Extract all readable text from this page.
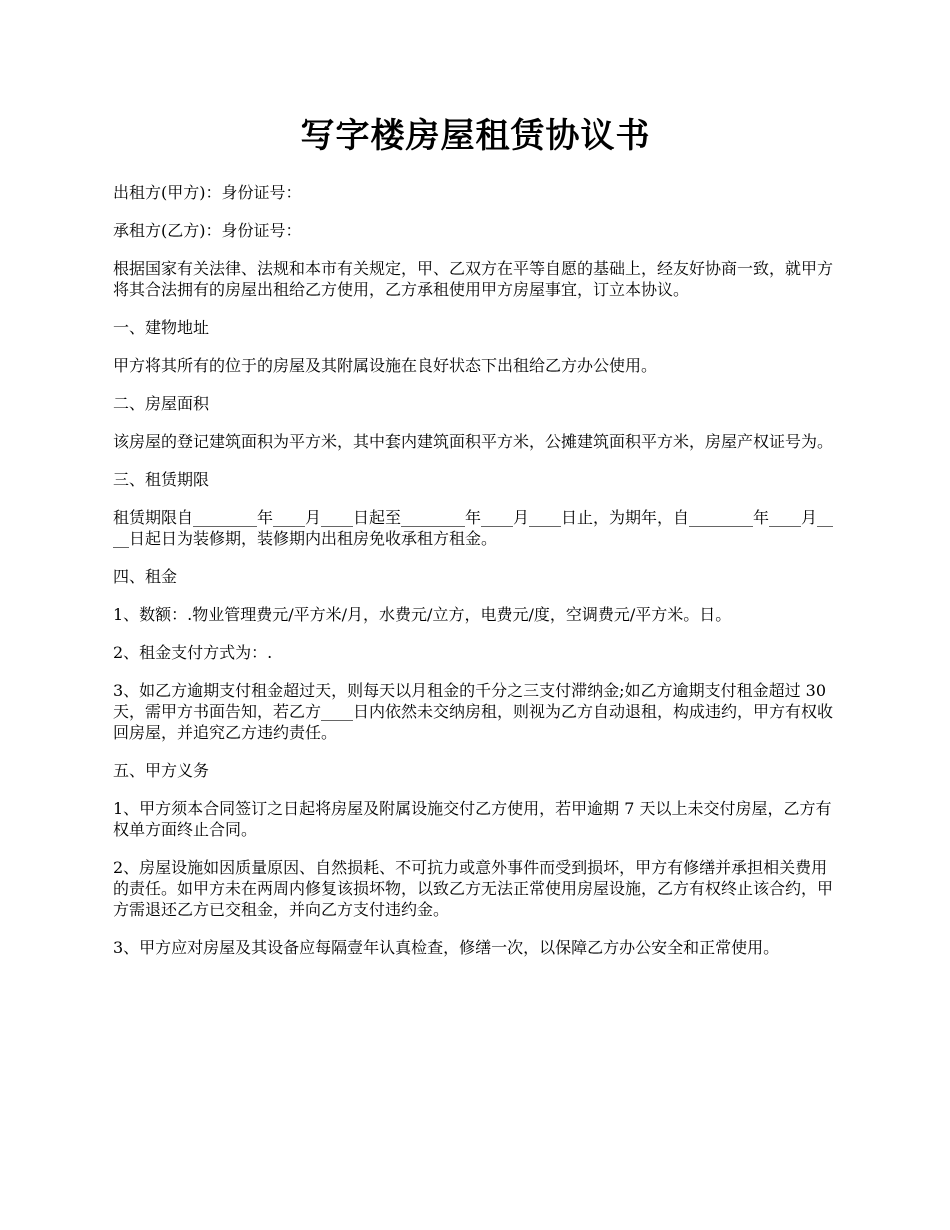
写字楼房屋租赁协议书

出租方(甲方)：身份证号：

承租方(乙方)：身份证号：

根据国家有关法律、法规和本市有关规定，甲、乙双方在平等自愿的基础上，经友好协商一致，就甲方将其合法拥有的房屋出租给乙方使用，乙方承租使用甲方房屋事宜，订立本协议。

一、建物地址

甲方将其所有的位于的房屋及其附属设施在良好状态下出租给乙方办公使用。

二、房屋面积

该房屋的登记建筑面积为平方米，其中套内建筑面积平方米，公摊建筑面积平方米，房屋产权证号为。

三、租赁期限

租赁期限自________年____月____日起至________年____月____日止，为期年，自________年____月____日起日为装修期，装修期内出租房免收承租方租金。

四、租金

1、数额：.物业管理费元/平方米/月，水费元/立方，电费元/度，空调费元/平方米。日。

2、租金支付方式为：.

3、如乙方逾期支付租金超过天，则每天以月租金的千分之三支付滞纳金;如乙方逾期支付租金超过 30 天，需甲方书面告知，若乙方____日内依然未交纳房租，则视为乙方自动退租，构成违约，甲方有权收回房屋，并追究乙方违约责任。

五、甲方义务

1、甲方须本合同签订之日起将房屋及附属设施交付乙方使用，若甲逾期 7 天以上未交付房屋，乙方有权单方面终止合同。

2、房屋设施如因质量原因、自然损耗、不可抗力或意外事件而受到损坏，甲方有修缮并承担相关费用的责任。如甲方未在两周内修复该损坏物，以致乙方无法正常使用房屋设施，乙方有权终止该合约，甲方需退还乙方已交租金，并向乙方支付违约金。

3、甲方应对房屋及其设备应每隔壹年认真检查，修缮一次，以保障乙方办公安全和正常使用。
